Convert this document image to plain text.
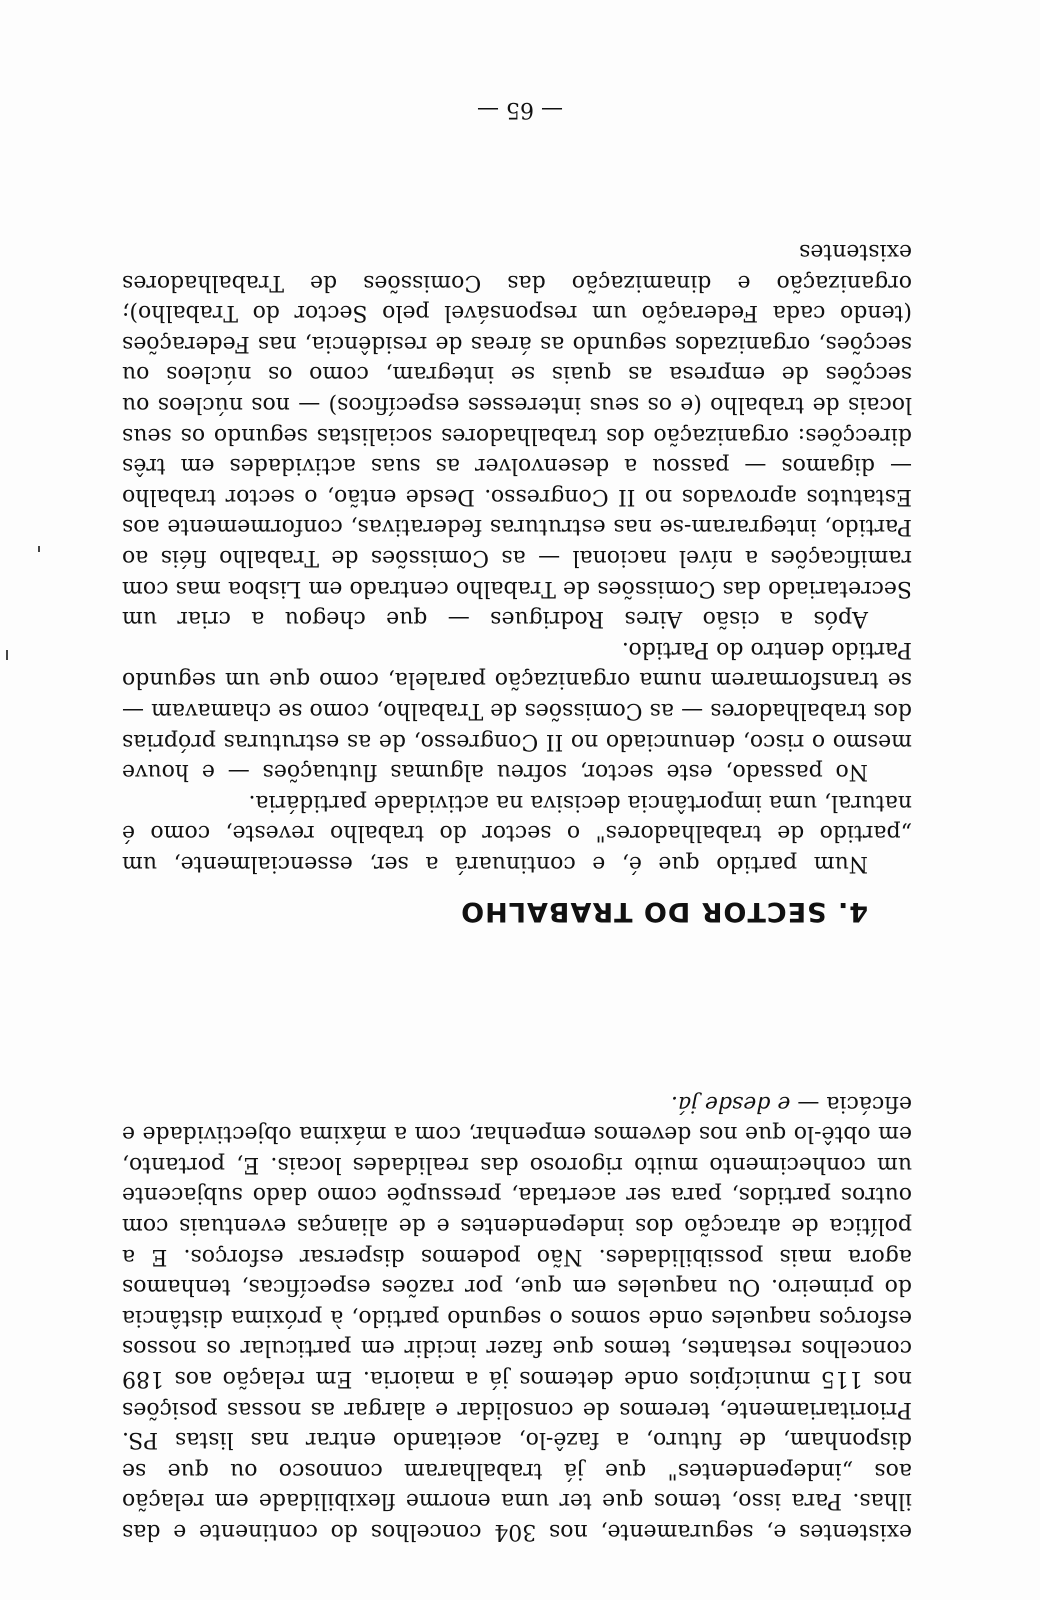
existentes e, seguramente, nos 304 concelhos do continente e das ilhas. Para isso, temos que ter uma enorme flexibilidade em relação aos „independentes" que já trabalharam connosco ou que se disponham, de futuro, a fazê-lo, aceitando entrar nas listas PS. Prioritariamente, teremos de consolidar e alargar as nossas posições nos 115 municípios onde detemos já a maioria. Em relação aos 189 concelhos restantes, temos que fazer incidir em particular os nossos esforços naqueles onde somos o segundo partido, à próxima distância do primeiro. Ou naqueles em que, por razões específicas, tenhamos agora mais possibilidades. Não podemos dispersar esforços. E a política de atracção dos independentes e de alianças eventuais com outros partidos, para ser acertada, pressupõe como dado subjacente um conhecimento muito rigoroso das realidades locais. E, portanto, em obtê-lo que nos devemos empenhar, com a máxima objectividade e eficácia — e desde já.

4. SECTOR DO TRABALHO

Num partido que é, e continuará a ser, essencialmente, um „partido de trabalhadores" o sector do trabalho reveste, como é natural, uma importância decisiva na actividade partidária.

No passado, este sector, sofreu algumas flutuações — e houve mesmo o risco, denunciado no II Congresso, de as estruturas próprias dos trabalhadores — as Comissões de Trabalho, como se chamavam — se transformarem numa organização paralela, como que um segundo Partido dentro do Partido.

Após a cisão Aires Rodrigues — que chegou a criar um Secretariado das Comissões de Trabalho centrado em Lisboa mas com ramificações a nível nacional — as Comissões de Trabalho fiéis ao Partido, integraram-se nas estruturas federativas, conformemente aos Estatutos aprovados no II Congresso. Desde então, o sector trabalho — digamos — passou a desenvolver as suas actividades em três direcções: organização dos trabalhadores socialistas segundo os seus locais de trabalho (e os seus interesses específicos) — nos núcleos ou secções de empresa as quais se integram, como os núcleos ou secções, organizados segundo as áreas de residência, nas Federações (tendo cada Federação um responsável pelo Sector do Trabalho); organização e dinamização das Comissões de Trabalhadores existentes

— 65 —
